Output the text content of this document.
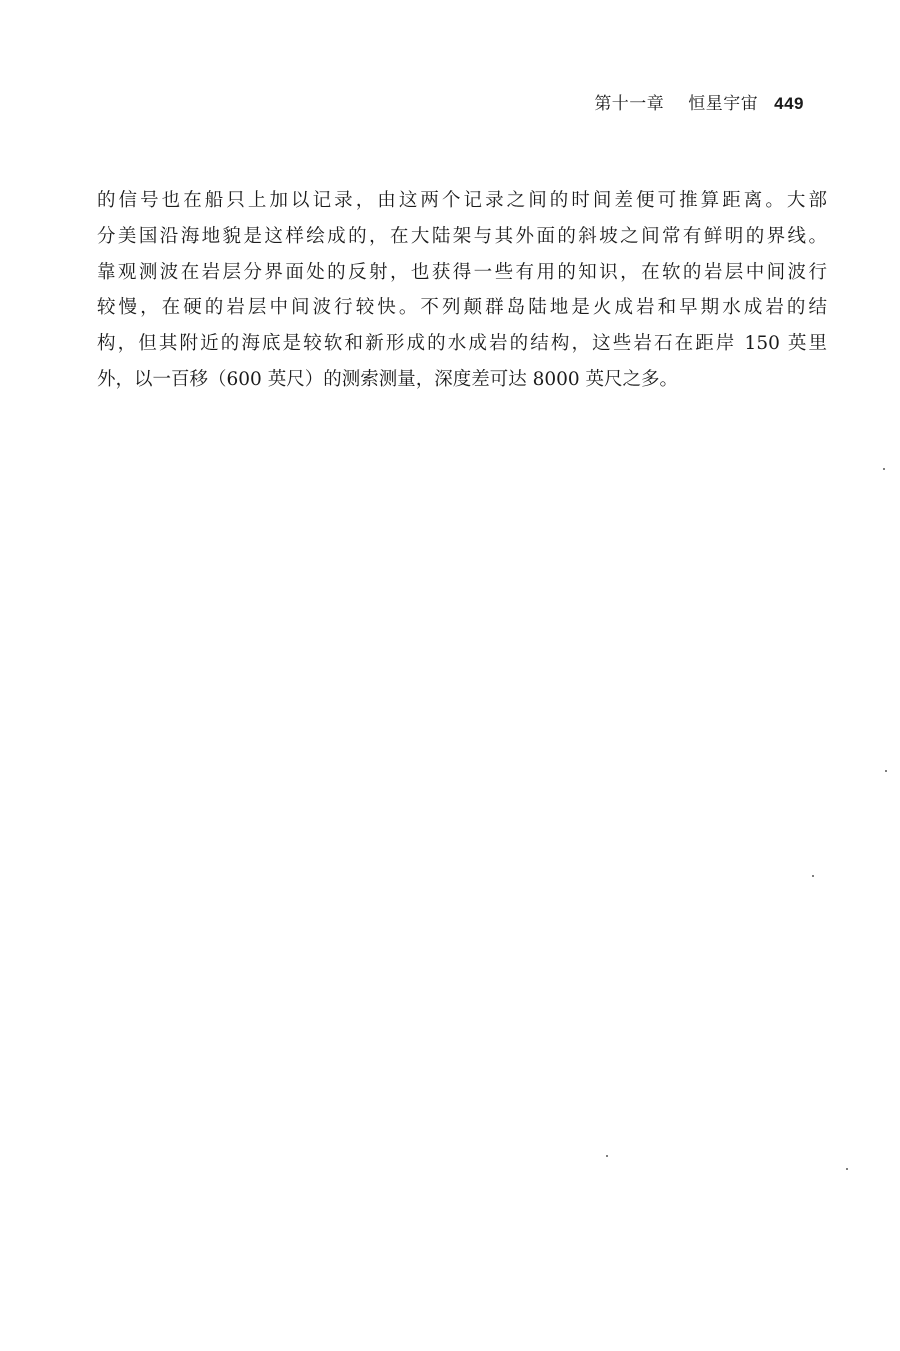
第十一章 恒星宇宙 449
的信号也在船只上加以记录，由这两个记录之间的时间差便可推算距离。大部
分美国沿海地貌是这样绘成的，在大陆架与其外面的斜坡之间常有鲜明的界线。
靠观测波在岩层分界面处的反射，也获得一些有用的知识，在软的岩层中间波行
较慢，在硬的岩层中间波行较快。不列颠群岛陆地是火成岩和早期水成岩的结
构，但其附近的海底是较软和新形成的水成岩的结构，这些岩石在距岸 150 英里
外，以一百移（600 英尺）的测索测量，深度差可达 8000 英尺之多。
